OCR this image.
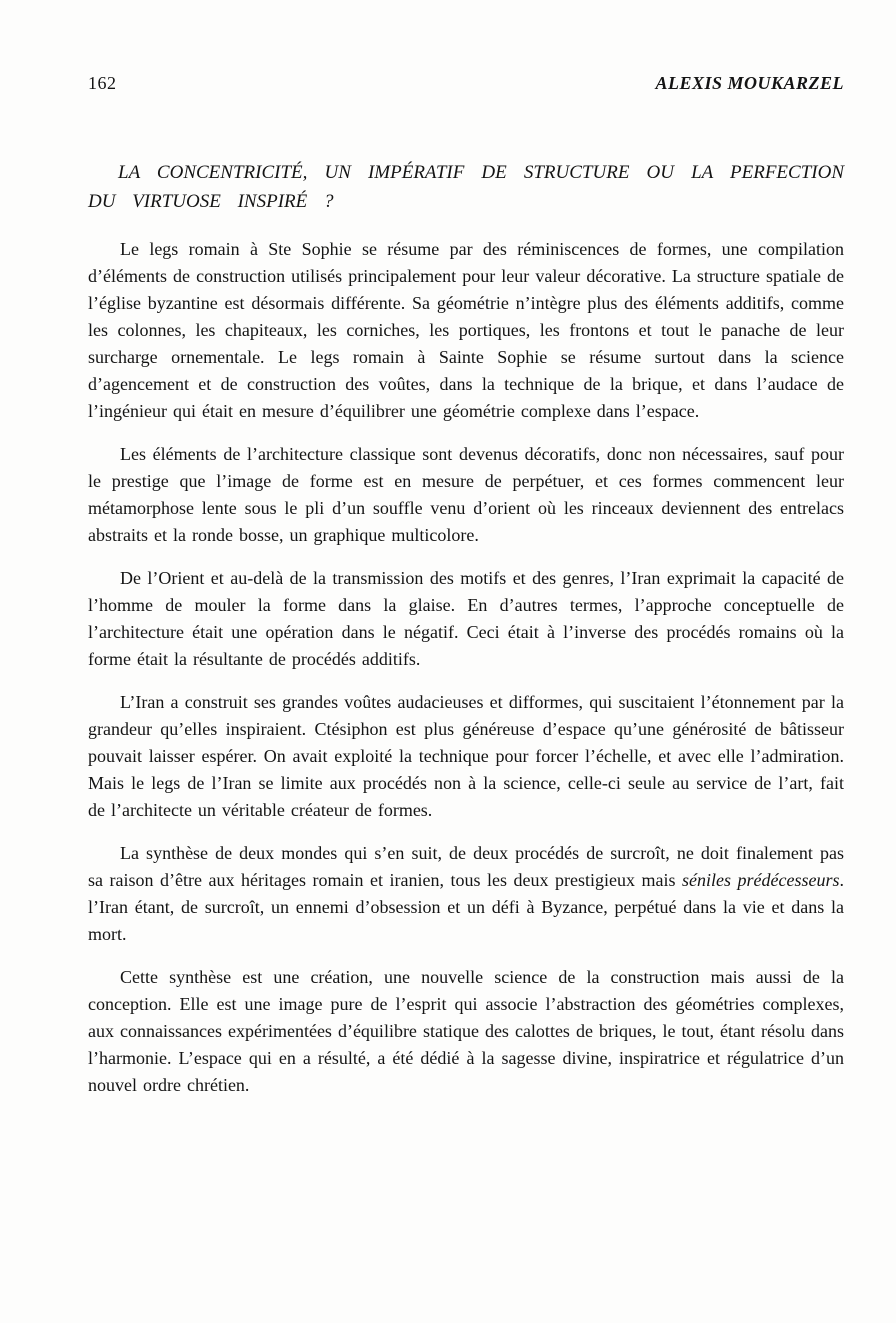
162	ALEXIS MOUKARZEL
LA CONCENTRICITÉ, UN IMPÉRATIF DE STRUCTURE OU LA PERFECTION DU VIRTUOSE INSPIRÉ ?

Le legs romain à Ste Sophie se résume par des réminiscences de formes, une compilation d’éléments de construction utilisés principalement pour leur valeur décorative. La structure spatiale de l’église byzantine est désormais différente. Sa géométrie n’intègre plus des éléments additifs, comme les colonnes, les chapiteaux, les corniches, les portiques, les frontons et tout le panache de leur surcharge ornementale. Le legs romain à Sainte Sophie se résume surtout dans la science d’agencement et de construction des voûtes, dans la technique de la brique, et dans l’audace de l’ingénieur qui était en mesure d’équilibrer une géométrie complexe dans l’espace.

Les éléments de l’architecture classique sont devenus décoratifs, donc non nécessaires, sauf pour le prestige que l’image de forme est en mesure de perpétuer, et ces formes commencent leur métamorphose lente sous le pli d’un souffle venu d’orient où les rinceaux deviennent des entrelacs abstraits et la ronde bosse, un graphique multicolore.

De l’Orient et au-delà de la transmission des motifs et des genres, l’Iran exprimait la capacité de l’homme de mouler la forme dans la glaise. En d’autres termes, l’approche conceptuelle de l’architecture était une opération dans le négatif. Ceci était à l’inverse des procédés romains où la forme était la résultante de procédés additifs.

L’Iran a construit ses grandes voûtes audacieuses et difformes, qui suscitaient l’étonnement par la grandeur qu’elles inspiraient. Ctésiphon est plus généreuse d’espace qu’une générosité de bâtisseur pouvait laisser espérer. On avait exploité la technique pour forcer l’échelle, et avec elle l’admiration. Mais le legs de l’Iran se limite aux procédés non à la science, celle-ci seule au service de l’art, fait de l’architecte un véritable créateur de formes.

La synthèse de deux mondes qui s’en suit, de deux procédés de surcroît, ne doit finalement pas sa raison d’être aux héritages romain et iranien, tous les deux prestigieux mais séniles prédécesseurs. l’Iran étant, de surcroît, un ennemi d’obsession et un défi à Byzance, perpétué dans la vie et dans la mort.

Cette synthèse est une création, une nouvelle science de la construction mais aussi de la conception. Elle est une image pure de l’esprit qui associe l’abstraction des géométries complexes, aux connaissances expérimentées d’équilibre statique des calottes de briques, le tout, étant résolu dans l’harmonie. L’espace qui en a résulté, a été dédié à la sagesse divine, inspiratrice et régulatrice d’un nouvel ordre chrétien.
